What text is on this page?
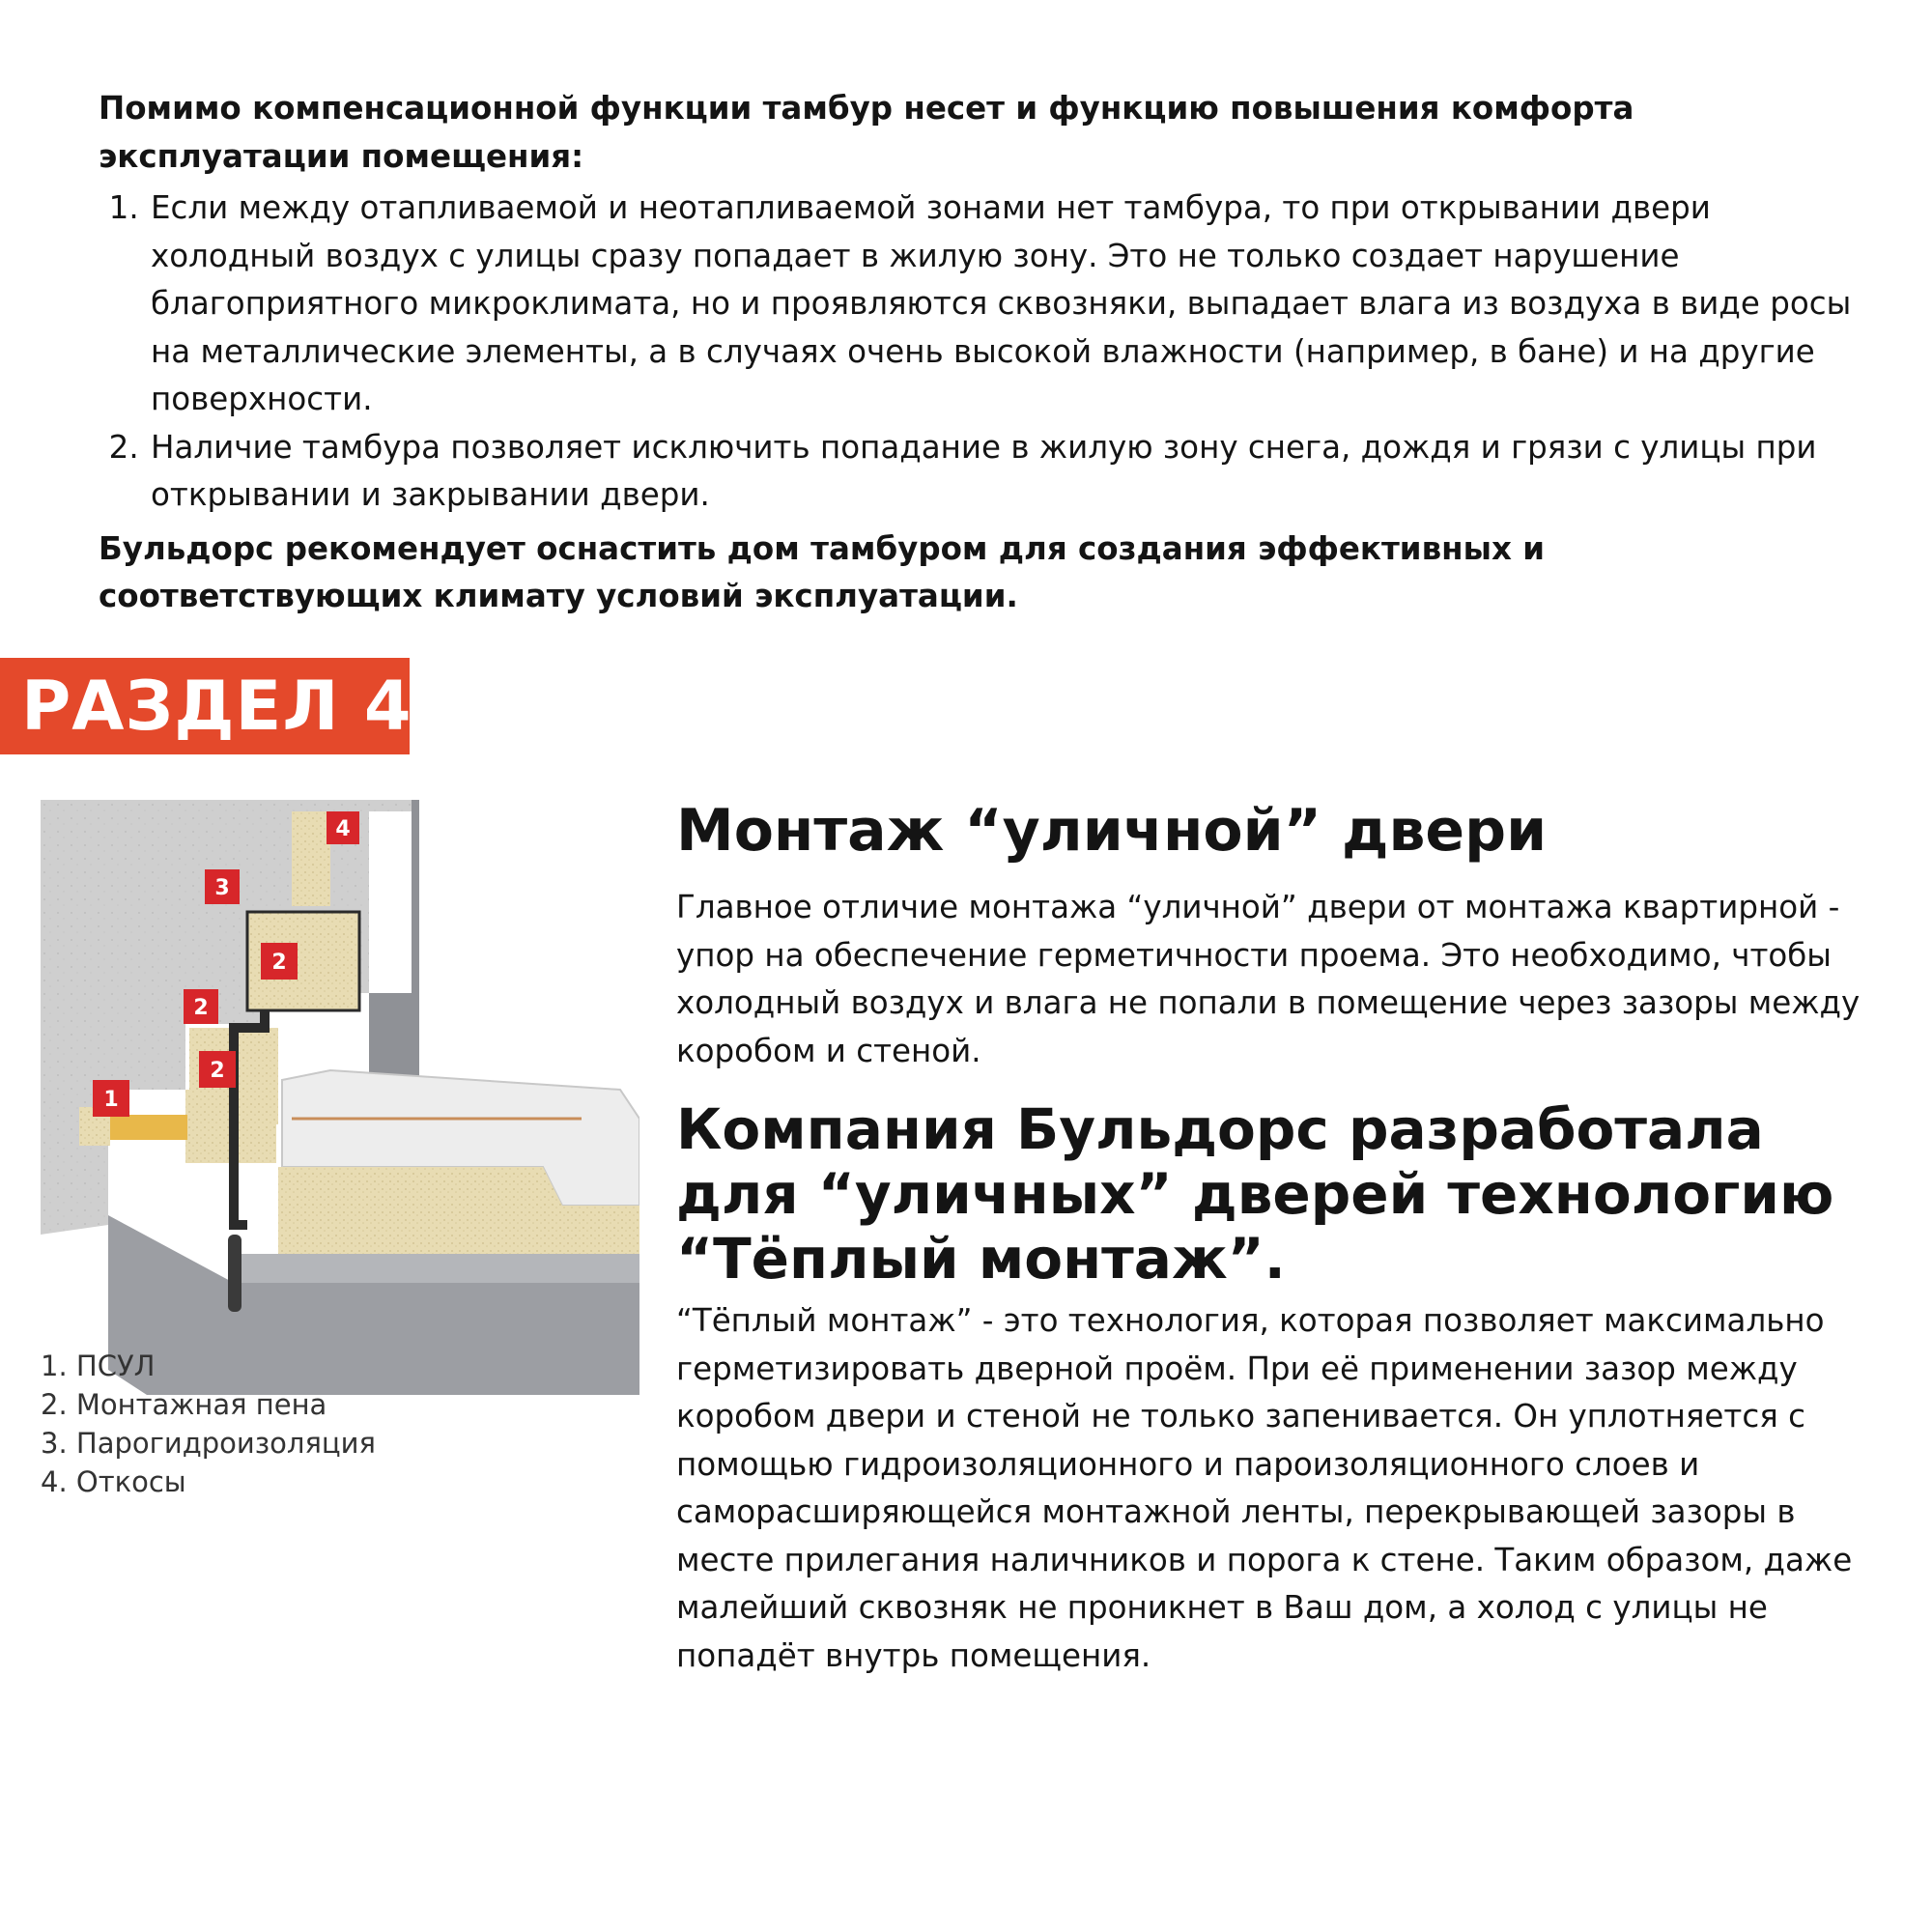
Помимо компенсационной функции тамбур несет и функцию повышения комфорта эксплуатации помещения:

1. Если между отапливаемой и неотапливаемой зонами нет тамбура, то при открывании двери холодный воздух с улицы сразу попадает в жилую зону. Это не только создает нарушение благоприятного микроклимата, но и проявляются сквозняки, выпадает влага из воздуха в виде росы на металлические элементы, а в случаях очень высокой влажности (например, в бане) и на другие поверхности.
2. Наличие тамбура позволяет исключить попадание в жилую зону снега, дождя и грязи с улицы при открывании и закрывании двери.

Бульдорс рекомендует оснастить дом тамбуром для создания эффективных и соответствующих климату условий эксплуатации.

РАЗДЕЛ 4
4
3
2
2
2
1
1. ПСУЛ
2. Монтажная пена
3. Парогидроизоляция
4. Откосы
Монтаж “уличной” двери

Главное отличие монтажа “уличной” двери от монтажа квартирной - упор на обеспечение герметичности проема. Это необходимо, чтобы холодный воздух и влага не попали в помещение через зазоры между коробом и стеной.

Компания Бульдорс разработала для “уличных” дверей технологию “Тёплый монтаж”.

“Тёплый монтаж” - это технология, которая позволяет максимально герметизировать дверной проём. При её применении зазор между коробом двери и стеной не только запенивается. Он уплотняется с помощью гидроизоляционного и пароизоляционного слоев и саморасширяющейся монтажной ленты, перекрывающей зазоры в месте прилегания наличников и порога к стене. Таким образом, даже малейший сквозняк не проникнет в Ваш дом, а холод с улицы не попадёт внутрь помещения.
